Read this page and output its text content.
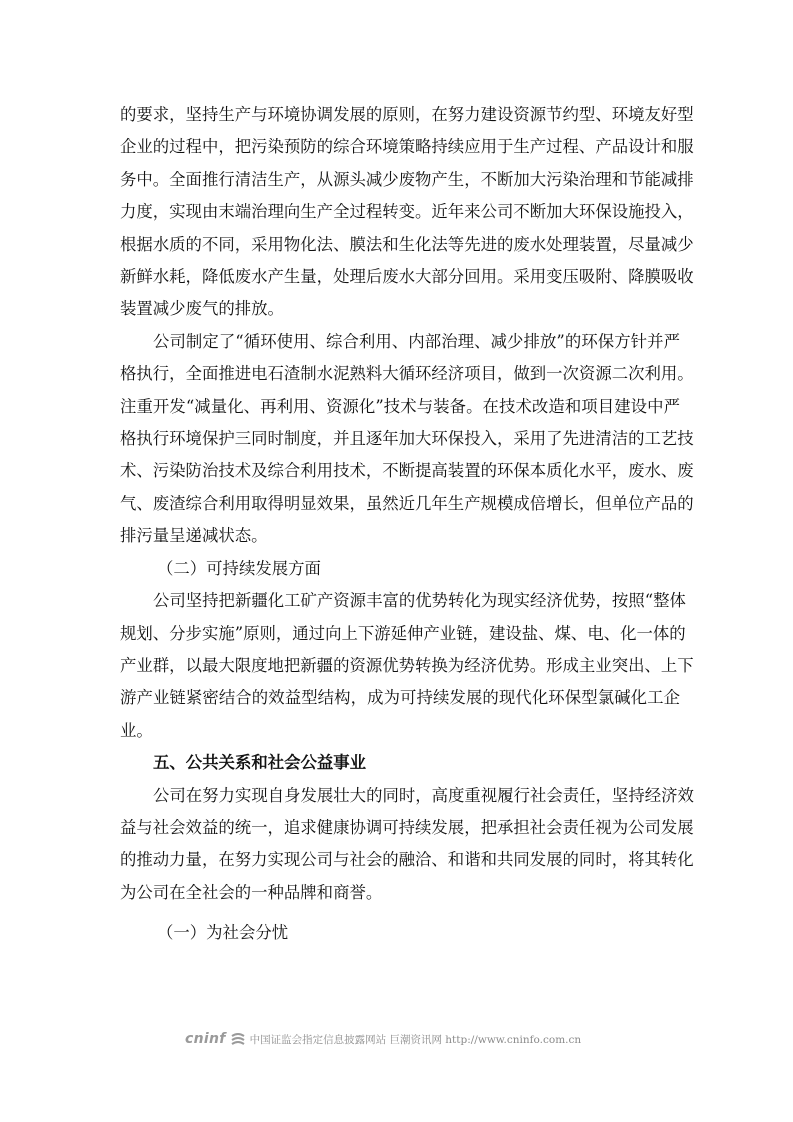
的要求，坚持生产与环境协调发展的原则，在努力建设资源节约型、环境友好型
企业的过程中，把污染预防的综合环境策略持续应用于生产过程、产品设计和服
务中。全面推行清洁生产，从源头减少废物产生，不断加大污染治理和节能减排
力度，实现由末端治理向生产全过程转变。近年来公司不断加大环保设施投入，
根据水质的不同，采用物化法、膜法和生化法等先进的废水处理装置，尽量减少
新鲜水耗，降低废水产生量，处理后废水大部分回用。采用变压吸附、降膜吸收
装置减少废气的排放。
公司制定了“循环使用、综合利用、内部治理、减少排放”的环保方针并严
格执行，全面推进电石渣制水泥熟料大循环经济项目，做到一次资源二次利用。
注重开发“减量化、再利用、资源化”技术与装备。在技术改造和项目建设中严
格执行环境保护三同时制度，并且逐年加大环保投入，采用了先进清洁的工艺技
术、污染防治技术及综合利用技术，不断提高装置的环保本质化水平，废水、废
气、废渣综合利用取得明显效果，虽然近几年生产规模成倍增长，但单位产品的
排污量呈递减状态。

（二）可持续发展方面

公司坚持把新疆化工矿产资源丰富的优势转化为现实经济优势，按照“整体
规划、分步实施”原则，通过向上下游延伸产业链，建设盐、煤、电、化一体的
产业群，以最大限度地把新疆的资源优势转换为经济优势。形成主业突出、上下
游产业链紧密结合的效益型结构，成为可持续发展的现代化环保型氯碱化工企
业。

五、公共关系和社会公益事业

公司在努力实现自身发展壮大的同时，高度重视履行社会责任，坚持经济效
益与社会效益的统一，追求健康协调可持续发展，把承担社会责任视为公司发展
的推动力量，在努力实现公司与社会的融洽、和谐和共同发展的同时，将其转化
为公司在全社会的一种品牌和商誉。

（一）为社会分忧

cninf 中国证监会指定信息披露网站 巨潮资讯网 http://www.cninfo.com.cn
